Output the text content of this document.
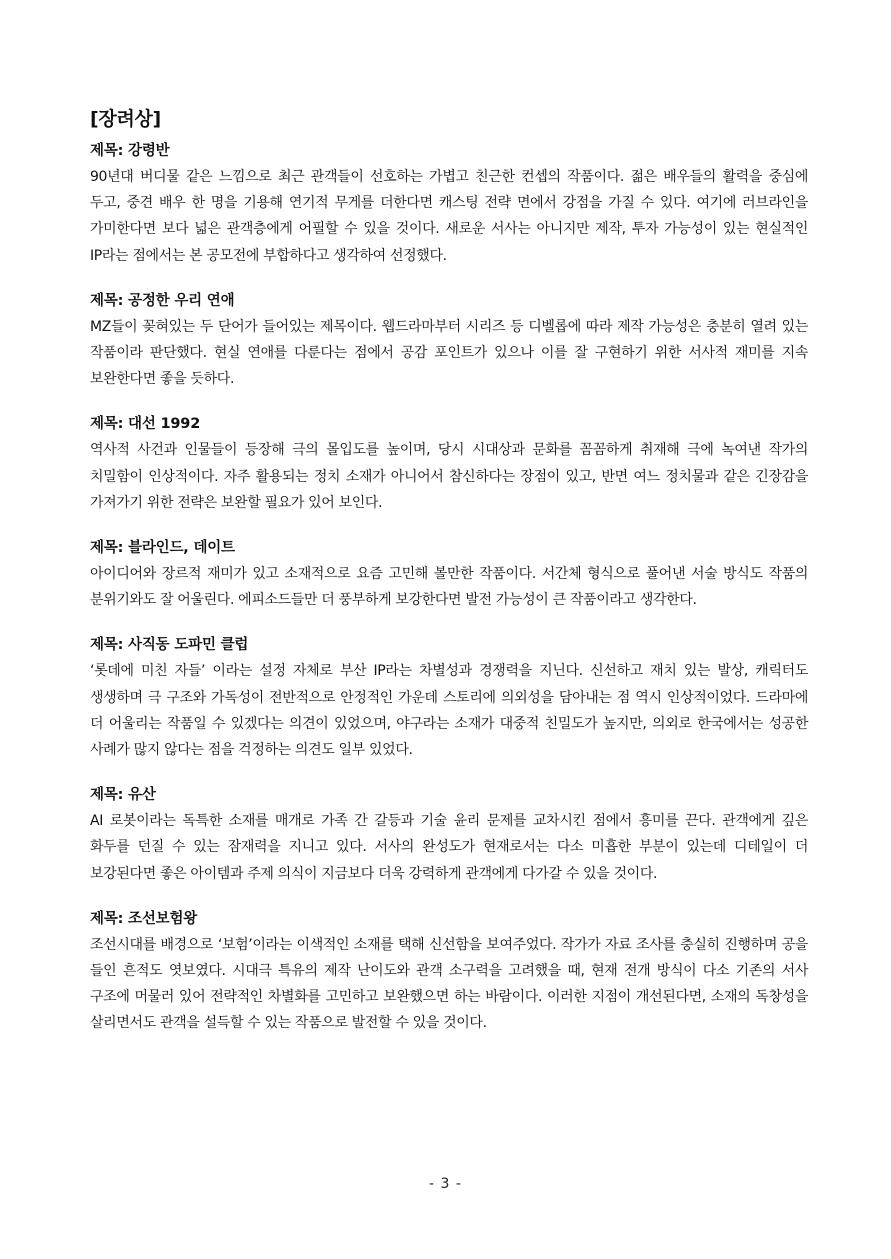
[장려상]
제목: 강령반
90년대 버디물 같은 느낌으로 최근 관객들이 선호하는 가볍고 친근한 컨셉의 작품이다. 젊은 배우들의 활력을 중심에 두고, 중견 배우 한 명을 기용해 연기적 무게를 더한다면 캐스팅 전략 면에서 강점을 가질 수 있다. 여기에 러브라인을 가미한다면 보다 넓은 관객층에게 어필할 수 있을 것이다. 새로운 서사는 아니지만 제작, 투자 가능성이 있는 현실적인 IP라는 점에서는 본 공모전에 부합하다고 생각하여 선정했다.
제목: 공정한 우리 연애
MZ들이 꽂혀있는 두 단어가 들어있는 제목이다. 웹드라마부터 시리즈 등 디벨롭에 따라 제작 가능성은 충분히 열려 있는 작품이라 판단했다. 현실 연애를 다룬다는 점에서 공감 포인트가 있으나 이를 잘 구현하기 위한 서사적 재미를 지속 보완한다면 좋을 듯하다.
제목: 대선 1992
역사적 사건과 인물들이 등장해 극의 몰입도를 높이며, 당시 시대상과 문화를 꼼꼼하게 취재해 극에 녹여낸 작가의 치밀함이 인상적이다. 자주 활용되는 정치 소재가 아니어서 참신하다는 장점이 있고, 반면 여느 정치물과 같은 긴장감을 가져가기 위한 전략은 보완할 필요가 있어 보인다.
제목: 블라인드, 데이트
아이디어와 장르적 재미가 있고 소재적으로 요즘 고민해 볼만한 작품이다. 서간체 형식으로 풀어낸 서술 방식도 작품의 분위기와도 잘 어울린다. 에피소드들만 더 풍부하게 보강한다면 발전 가능성이 큰 작품이라고 생각한다.
제목: 사직동 도파민 클럽
‘롯데에 미친 자들’ 이라는 설정 자체로 부산 IP라는 차별성과 경쟁력을 지닌다. 신선하고 재치 있는 발상, 캐릭터도 생생하며 극 구조와 가독성이 전반적으로 안정적인 가운데 스토리에 의외성을 담아내는 점 역시 인상적이었다. 드라마에 더 어울리는 작품일 수 있겠다는 의견이 있었으며, 야구라는 소재가 대중적 친밀도가 높지만, 의외로 한국에서는 성공한 사례가 많지 않다는 점을 걱정하는 의견도 일부 있었다.
제목: 유산
AI 로봇이라는 독특한 소재를 매개로 가족 간 갈등과 기술 윤리 문제를 교차시킨 점에서 흥미를 끈다. 관객에게 깊은 화두를 던질 수 있는 잠재력을 지니고 있다. 서사의 완성도가 현재로서는 다소 미흡한 부분이 있는데 디테일이 더 보강된다면 좋은 아이템과 주제 의식이 지금보다 더욱 강력하게 관객에게 다가갈 수 있을 것이다.
제목: 조선보험왕
조선시대를 배경으로 ‘보험’이라는 이색적인 소재를 택해 신선함을 보여주었다. 작가가 자료 조사를 충실히 진행하며 공을 들인 흔적도 엿보였다. 시대극 특유의 제작 난이도와 관객 소구력을 고려했을 때, 현재 전개 방식이 다소 기존의 서사 구조에 머물러 있어 전략적인 차별화를 고민하고 보완했으면 하는 바람이다. 이러한 지점이 개선된다면, 소재의 독창성을 살리면서도 관객을 설득할 수 있는 작품으로 발전할 수 있을 것이다.
- 3 -
